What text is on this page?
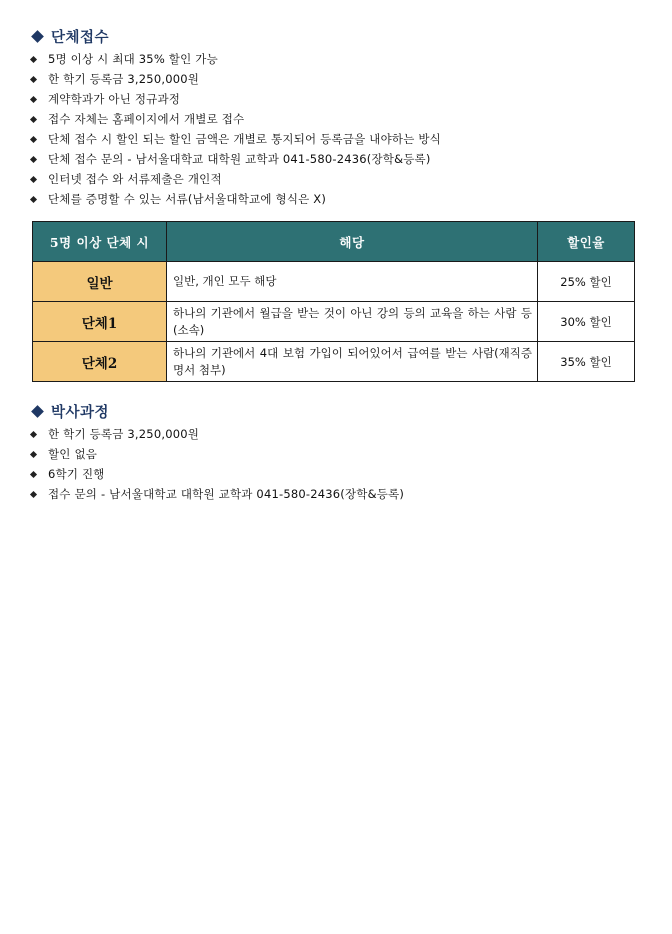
단체접수
5명 이상 시 최대 35% 할인 가능
한 학기 등록금 3,250,000원
계약학과가 아닌 정규과정
접수 자체는 홈페이지에서 개별로 접수
단체 접수 시 할인 되는 할인 금액은 개별로 통지되어 등록금을 내야하는 방식
단체 접수 문의 - 남서울대학교 대학원 교학과 041-580-2436(장학&등록)
인터넷 접수 와 서류제출은 개인적
단체를 증명할 수 있는 서류(남서울대학교에 형식은 X)
5명 이상 단체 시	해당	할인율
일반	일반, 개인 모두 해당	25% 할인
단체1	하나의 기관에서 월급을 받는 것이 아닌 강의 등의 교육을 하는 사람 등(소속)	30% 할인
단체2	하나의 기관에서 4대 보험 가입이 되어있어서 급여를 받는 사람(재직증명서 첨부)	35% 할인
박사과정
한 학기 등록금 3,250,000원
할인 없음
6학기 진행
접수 문의 - 남서울대학교 대학원 교학과 041-580-2436(장학&등록)
